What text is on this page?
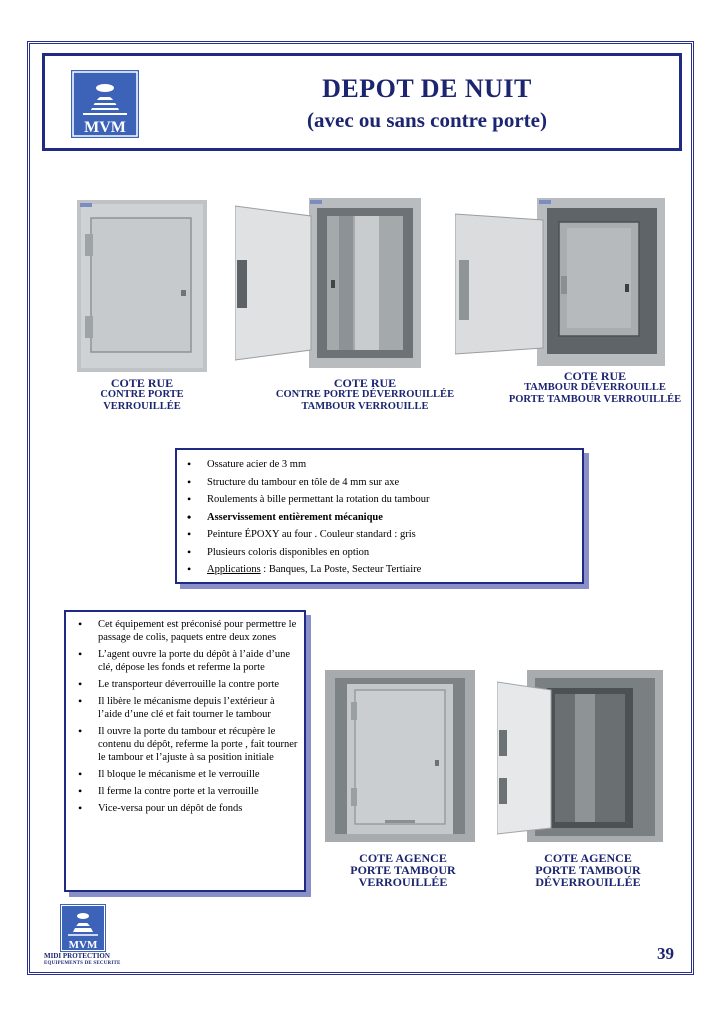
MVM
DEPOT DE NUIT
(avec ou sans contre porte)
COTE RUE
CONTRE PORTE
VERROUILLÉE
COTE RUE
CONTRE PORTE DÉVERROUILLÉE
TAMBOUR VERROUILLE
COTE RUE
TAMBOUR DÉVERROUILLE
PORTE TAMBOUR VERROUILLÉE
• Ossature acier de 3 mm
• Structure du tambour en tôle de 4 mm sur axe
• Roulements à bille permettant la rotation du tambour
• Asservissement entièrement mécanique
• Peinture ÉPOXY au four . Couleur standard : gris
• Plusieurs coloris disponibles en option
• Applications : Banques, La Poste, Secteur Tertiaire
• Cet équipement est préconisé pour permettre le passage de colis, paquets entre deux zones
• L’agent ouvre la porte du dépôt à l’aide d’une clé, dépose les fonds et referme la porte
• Le transporteur déverrouille la contre porte
• Il libère le mécanisme depuis l’extérieur à l’aide d’une clé et fait tourner le tambour
• Il ouvre la porte du tambour et récupère le contenu du dépôt, referme la porte , fait tourner le tambour et l’ajuste à sa position initiale
• Il bloque le mécanisme et le verrouille
• Il ferme la contre porte et la verrouille
• Vice-versa pour un dépôt de fonds
COTE AGENCE
PORTE TAMBOUR
VERROUILLÉE
COTE AGENCE
PORTE TAMBOUR
DÉVERROUILLÉE
MVM
MIDI PROTECTION
EQUIPEMENTS DE SECURITE
39
